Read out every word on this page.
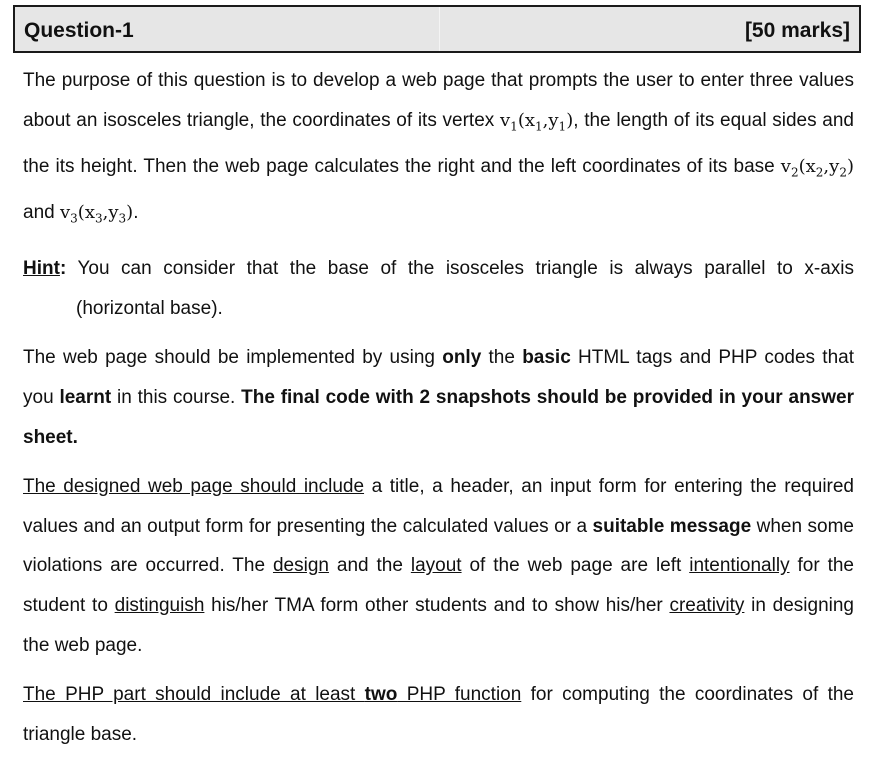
Question-1	[50 marks]

The purpose of this question is to develop a web page that prompts the user to enter three values about an isosceles triangle, the coordinates of its vertex $v_1(x_1,y_1)$, the length of its equal sides and the its height. Then the web page calculates the right and the left coordinates of its base $v_2(x_2,y_2)$ and $v_3(x_3,y_3)$.

Hint: You can consider that the base of the isosceles triangle is always parallel to x-axis (horizontal base).

The web page should be implemented by using only the basic HTML tags and PHP codes that you learnt in this course. The final code with 2 snapshots should be provided in your answer sheet.

The designed web page should include a title, a header, an input form for entering the required values and an output form for presenting the calculated values or a suitable message when some violations are occurred. The design and the layout of the web page are left intentionally for the student to distinguish his/her TMA form other students and to show his/her creativity in designing the web page.

The PHP part should include at least two PHP function for computing the coordinates of the triangle base.
